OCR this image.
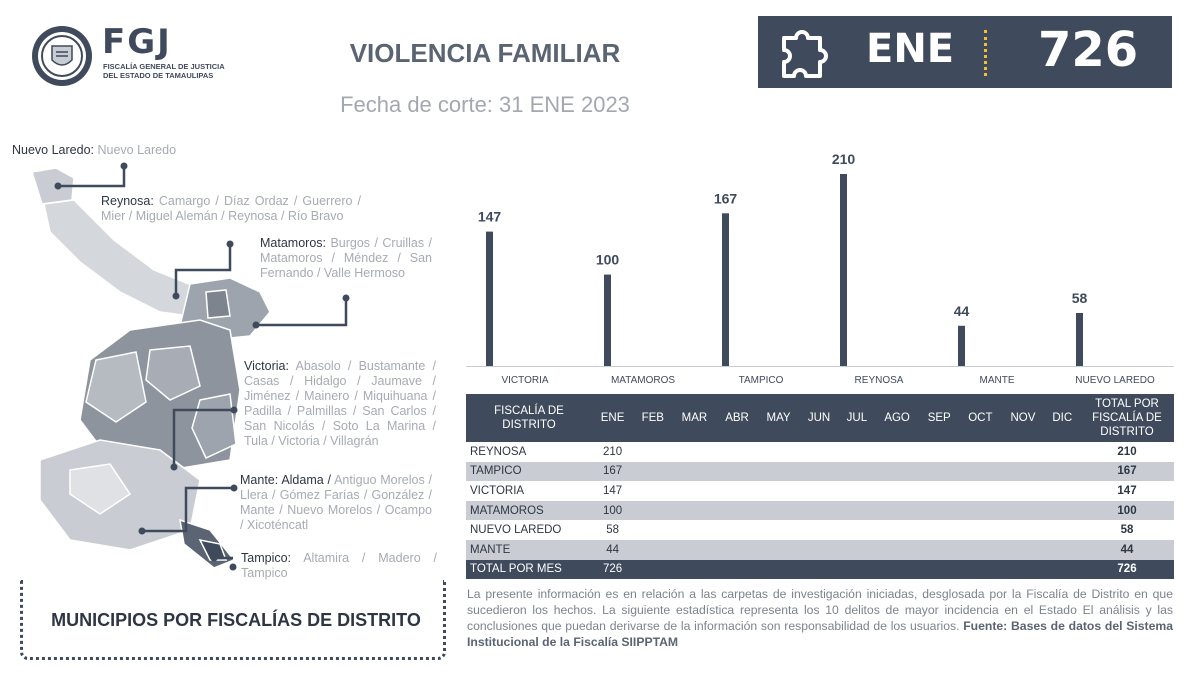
FGJ
FISCALÍA GENERAL DE JUSTICIA DEL ESTADO DE TAMAULIPAS
VIOLENCIA FAMILIAR
Fecha de corte: 31 ENE 2023
ENE 726
Nuevo Laredo: Nuevo Laredo
Reynosa: Camargo / Díaz Ordaz / Guerrero / Mier / Miguel Alemán / Reynosa / Río Bravo
Matamoros: Burgos / Cruillas / Matamoros / Méndez / San Fernando / Valle Hermoso
Victoria: Abasolo / Bustamante / Casas / Hidalgo / Jaumave / Jiménez / Mainero / Miquihuana / Padilla / Palmillas / San Carlos / San Nicolás / Soto La Marina / Tula / Victoria / Villagrán
Mante: Aldama / Antiguo Morelos / Llera / Gómez Farías / González / Mante / Nuevo Morelos / Ocampo / Xicoténcatl
Tampico: Altamira / Madero / Tampico
MUNICIPIOS POR FISCALÍAS DE DISTRITO
147
VICTORIA
100
MATAMOROS
167
TAMPICO
210
REYNOSA
44
MANTE
58
NUEVO LAREDO
FISCALÍA DE DISTRITO	ENE	FEB	MAR	ABR	MAY	JUN	JUL	AGO	SEP	OCT	NOV	DIC	TOTAL POR FISCALÍA DE DISTRITO
REYNOSA	210												210
TAMPICO	167												167
VICTORIA	147												147
MATAMOROS	100												100
NUEVO LAREDO	58												58
MANTE	44												44
TOTAL POR MES	726												726
La presente información es en relación a las carpetas de investigación iniciadas, desglosada por la Fiscalía de Distrito en que sucedieron los hechos. La siguiente estadística representa los 10 delitos de mayor incidencia en el Estado El análisis y las conclusiones que puedan derivarse de la información son responsabilidad de los usuarios. Fuente: Bases de datos del Sistema Institucional de la Fiscalía SIIPPTAM
